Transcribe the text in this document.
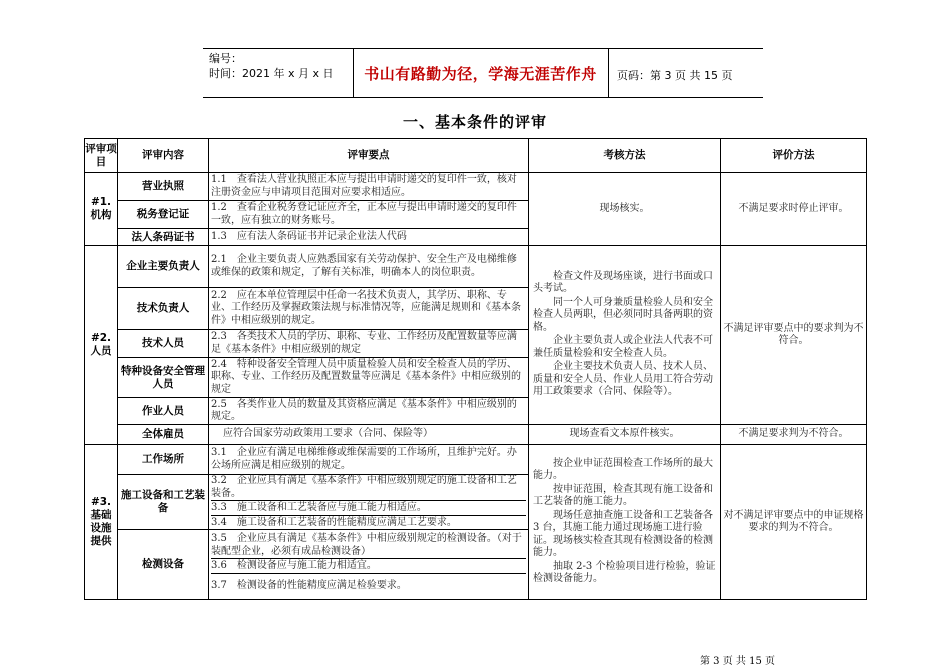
编号：
时间：2021 年 x 月 x 日	书山有路勤为径，学海无涯苦作舟	页码：第 3 页 共 15 页
一、基本条件的评审
评审项目	评审内容	评审要点	考核方法	评价方法
#1.机构	营业执照	1.1　查看法人营业执照正本应与提出申请时递交的复印件一致，核对注册资金应与申请项目范围对应要求相适应。	现场核实。	不满足要求时停止评审。
	税务登记证	1.2　查看企业税务登记证应齐全，正本应与提出申请时递交的复印件一致，应有独立的财务账号。		
	法人条码证书	1.3　应有法人条码证书并记录企业法人代码		
#2.人员	企业主要负责人	2.1　企业主要负责人应熟悉国家有关劳动保护、安全生产及电梯维修或维保的政策和规定，了解有关标准，明确本人的岗位职责。	检查文件及现场座谈，进行书面或口头考试。

同一个人可身兼质量检验人员和安全检查人员两职，但必须同时具备两职的资格。

企业主要负责人或企业法人代表不可兼任质量检验和安全检查人员。

企业主要技术负责人员、技术人员、质量和安全人员、作业人员用工符合劳动用工政策要求（合同、保险等）。	不满足评审要点中的要求判为不符合。
	技术负责人	2.2　应在本单位管理层中任命一名技术负责人，其学历、职称、专业、工作经历及掌握政策法规与标准情况等，应能满足规则和《基本条件》中相应级别的规定。		
	技术人员	2.3　各类技术人员的学历、职称、专业、工作经历及配置数量等应满足《基本条件》中相应级别的规定		
	特种设备安全管理人员	2.4　特种设备安全管理人员中质量检验人员和安全检查人员的学历、职称、专业、工作经历及配置数量等应满足《基本条件》中相应级别的规定		
	作业人员	2.5　各类作业人员的数量及其资格应满足《基本条件》中相应级别的规定。		
	全体雇员	应符合国家劳动政策用工要求（合同、保险等）	现场查看文本原件核实。	不满足要求判为不符合。
#3.基础设施提供	工作场所	3.1　企业应有满足电梯维修或维保需要的工作场所，且维护完好。办公场所应满足相应级别的规定。	按企业申证范围检查工作场所的最大能力。

按申证范围，检查其现有施工设备和工艺装备的施工能力。

现场任意抽查施工设备和工艺装备各 3 台，其施工能力通过现场施工进行验证。现场核实检查其现有检测设备的检测能力。

抽取 2-3 个检验项目进行检验，验证检测设备能力。	对不满足评审要点中的申证规格要求的判为不符合。
	施工设备和工艺装备	3.2　企业应具有满足《基本条件》中相应级别规定的施工设备和工艺装备。
3.3　施工设备和工艺装备应与施工能力相适应。
3.4　施工设备和工艺装备的性能精度应满足工艺要求。		

	检测设备	3.5　企业应具有满足《基本条件》中相应级别规定的检测设备。（对于装配型企业，必须有成品检测设备）
3.6　检测设备应与施工能力相适宜。
3.7　检测设备的性能精度应满足检验要求。		
第 3 页 共 15 页
